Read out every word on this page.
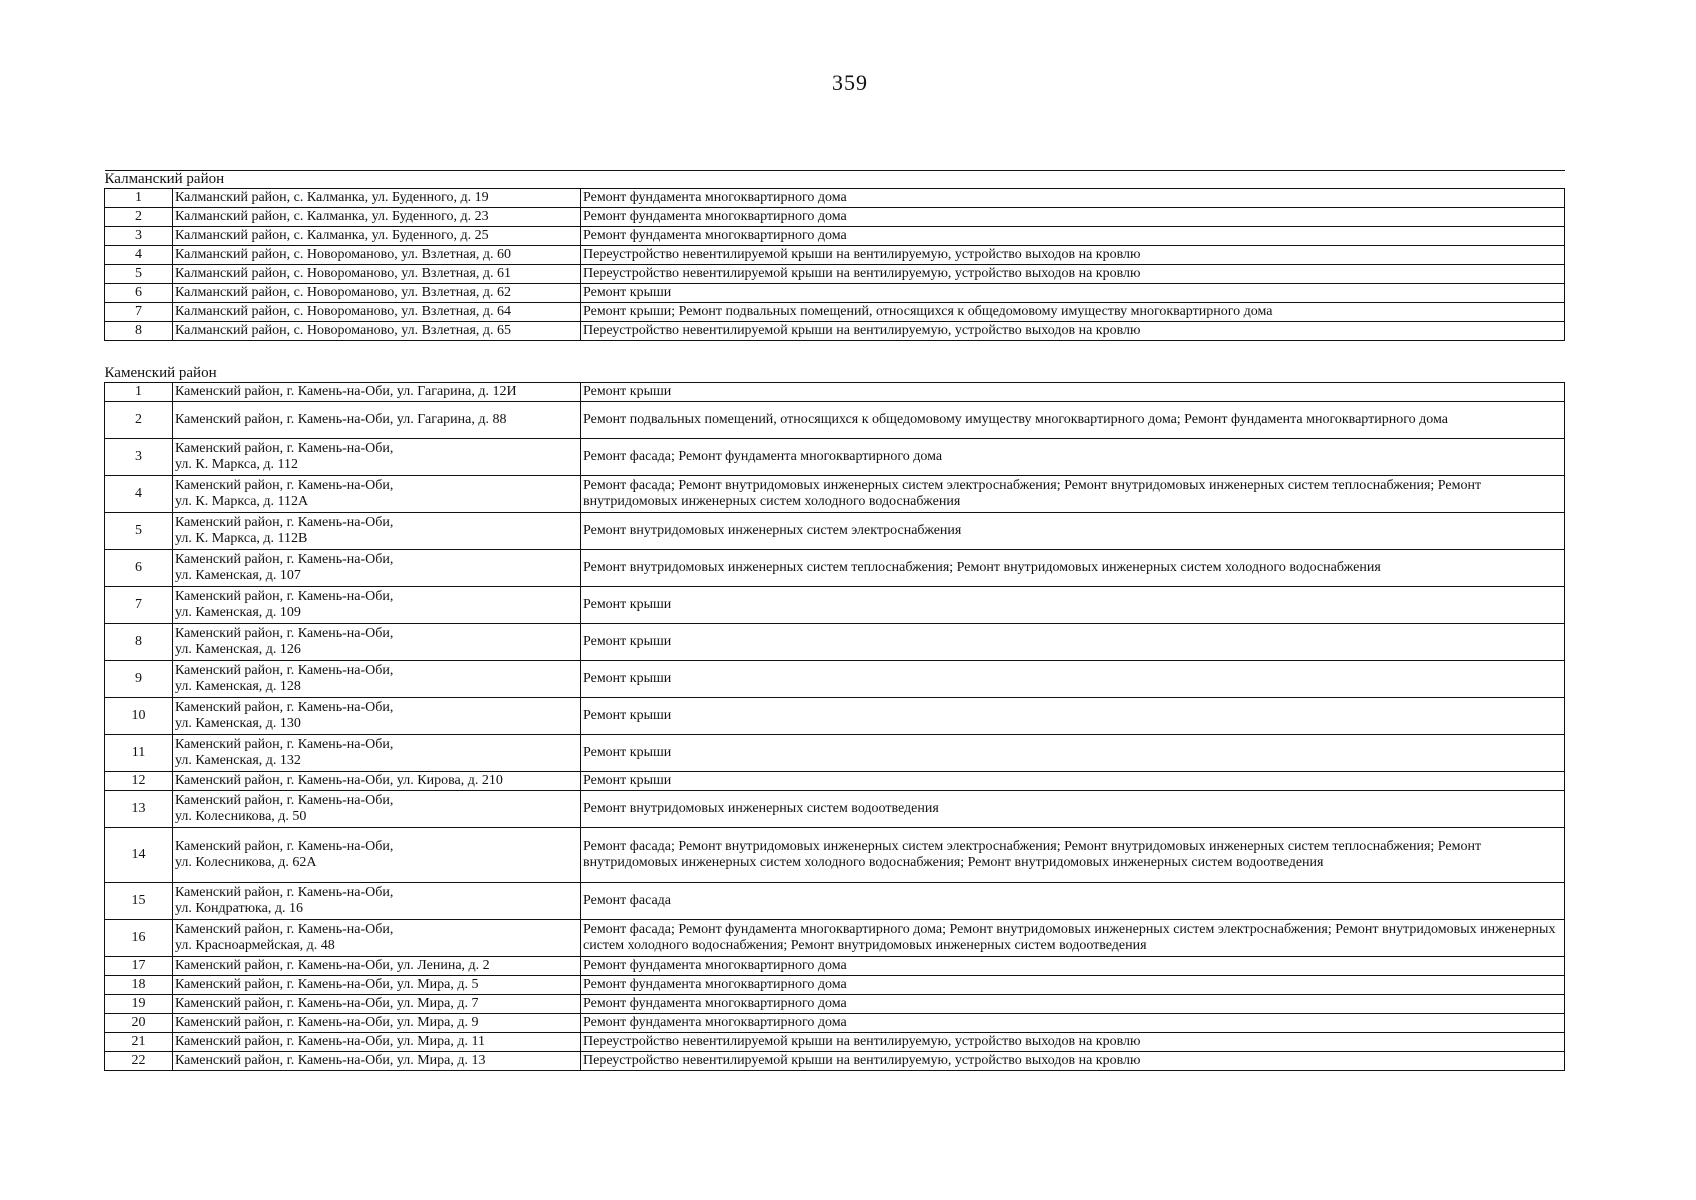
359
Калманский район		
1	Калманский район, с. Калманка, ул. Буденного, д. 19	Ремонт фундамента многоквартирного дома
2	Калманский район, с. Калманка, ул. Буденного, д. 23	Ремонт фундамента многоквартирного дома
3	Калманский район, с. Калманка, ул. Буденного, д. 25	Ремонт фундамента многоквартирного дома
4	Калманский район, с. Новороманово, ул. Взлетная, д. 60	Переустройство невентилируемой крыши на вентилируемую, устройство выходов на кровлю
5	Калманский район, с. Новороманово, ул. Взлетная, д. 61	Переустройство невентилируемой крыши на вентилируемую, устройство выходов на кровлю
6	Калманский район, с. Новороманово, ул. Взлетная, д. 62	Ремонт крыши
7	Калманский район, с. Новороманово, ул. Взлетная, д. 64	Ремонт крыши; Ремонт подвальных помещений, относящихся к общедомовому имуществу многоквартирного дома
8	Калманский район, с. Новороманово, ул. Взлетная, д. 65	Переустройство невентилируемой крыши на вентилируемую, устройство выходов на кровлю

Каменский район		
1	Каменский район, г. Камень-на-Оби, ул. Гагарина, д. 12И	Ремонт крыши
2	Каменский район, г. Камень-на-Оби, ул. Гагарина, д. 88	Ремонт подвальных помещений, относящихся к общедомовому имуществу многоквартирного дома; Ремонт фундамента многоквартирного дома
3	Каменский район, г. Камень-на-Оби,
ул. К. Маркса, д. 112	Ремонт фасада; Ремонт фундамента многоквартирного дома
4	Каменский район, г. Камень-на-Оби,
ул. К. Маркса, д. 112А	Ремонт фасада; Ремонт внутридомовых инженерных систем электроснабжения; Ремонт внутридомовых инженерных систем теплоснабжения; Ремонт внутридомовых инженерных систем холодного водоснабжения
5	Каменский район, г. Камень-на-Оби,
ул. К. Маркса, д. 112В	Ремонт внутридомовых инженерных систем электроснабжения
6	Каменский район, г. Камень-на-Оби,
ул. Каменская, д. 107	Ремонт внутридомовых инженерных систем теплоснабжения; Ремонт внутридомовых инженерных систем холодного водоснабжения
7	Каменский район, г. Камень-на-Оби,
ул. Каменская, д. 109	Ремонт крыши
8	Каменский район, г. Камень-на-Оби,
ул. Каменская, д. 126	Ремонт крыши
9	Каменский район, г. Камень-на-Оби,
ул. Каменская, д. 128	Ремонт крыши
10	Каменский район, г. Камень-на-Оби,
ул. Каменская, д. 130	Ремонт крыши
11	Каменский район, г. Камень-на-Оби,
ул. Каменская, д. 132	Ремонт крыши
12	Каменский район, г. Камень-на-Оби, ул. Кирова, д. 210	Ремонт крыши
13	Каменский район, г. Камень-на-Оби,
ул. Колесникова, д. 50	Ремонт внутридомовых инженерных систем водоотведения
14	Каменский район, г. Камень-на-Оби,
ул. Колесникова, д. 62А	Ремонт фасада; Ремонт внутридомовых инженерных систем электроснабжения; Ремонт внутридомовых инженерных систем теплоснабжения; Ремонт внутридомовых инженерных систем холодного водоснабжения; Ремонт внутридомовых инженерных систем водоотведения
15	Каменский район, г. Камень-на-Оби,
ул. Кондратюка, д. 16	Ремонт фасада
16	Каменский район, г. Камень-на-Оби,
ул. Красноармейская, д. 48	Ремонт фасада; Ремонт фундамента многоквартирного дома; Ремонт внутридомовых инженерных систем электроснабжения; Ремонт внутридомовых инженерных систем холодного водоснабжения; Ремонт внутридомовых инженерных систем водоотведения
17	Каменский район, г. Камень-на-Оби, ул. Ленина, д. 2	Ремонт фундамента многоквартирного дома
18	Каменский район, г. Камень-на-Оби, ул. Мира, д. 5	Ремонт фундамента многоквартирного дома
19	Каменский район, г. Камень-на-Оби, ул. Мира, д. 7	Ремонт фундамента многоквартирного дома
20	Каменский район, г. Камень-на-Оби, ул. Мира, д. 9	Ремонт фундамента многоквартирного дома
21	Каменский район, г. Камень-на-Оби, ул. Мира, д. 11	Переустройство невентилируемой крыши на вентилируемую, устройство выходов на кровлю
22	Каменский район, г. Камень-на-Оби, ул. Мира, д. 13	Переустройство невентилируемой крыши на вентилируемую, устройство выходов на кровлю
